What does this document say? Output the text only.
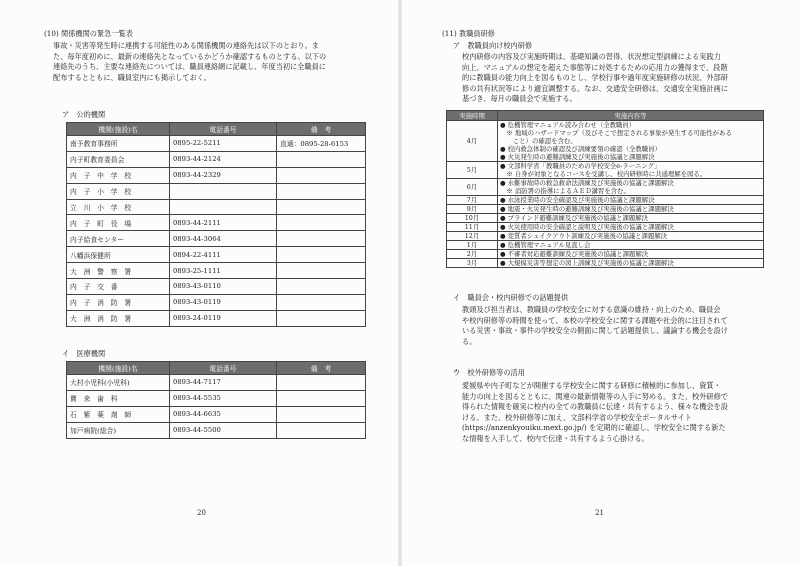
(10) 関係機関の緊急一覧表
事故・災害等発生時に連携する可能性のある関係機関の連絡先は以下のとおり。ま
た、毎年度初めに、最新の連絡先となっているかどうか確認するものとする。以下の
連絡先のうち、主要な連絡先については、職員連絡網に記載し、年度当初に全職員に
配布するとともに、職員室内にも掲示しておく。
ア　公的機関
機関(施設)名	電話番号	備　考
南予教育事務所	0895-22-5211	直通：0895-28-6153
内子町教育委員会	0893-44-2124	
内　子　中　学　校	0893-44-2329	
内　子　小　学　校		
立　川　小　学　校		
内　子　町　役　場	0893-44-2111	
内子給食センター	0893-44-3064	
八幡浜保健所	0894-22-4111	
大　洲　警　察　署	0893-25-1111	
内　子　交　番	0893-43-0110	
内　子　消　防　署	0893-43-0119	
大　洲　消　防　署	0893-24-0119	
イ　医療機関
機関(施設)名	電話番号	備　考
大村小児科(小児科)	0893-44-7117	
寶　来　歯　科	0893-44-5535	
石　紫　薬　剤　師	0893-44-6635	
加戸病院(総合)	0893-44-5500	
20
(11) 教職員研修
ア　教職員向け校内研修
校内研修の内容及び実施時期は、基礎知識の習得、状況想定型訓練による実践力
向上、マニュアルの想定を超えた事態等に対処するための応用力の獲得まで、段階
的に教職員の能力向上を図るものとし、学校行事や過年度実施研修の状況、外部研
修の共有状況等により適宜調整する。なお、交通安全研修は、交通安全実施計画に
基づき、毎月の職員会で実施する。
実施時期	実施内容等
4月	● 危機管理マニュアル読み合わせ（全教職員）
　※ 地域のハザードマップ（及びそこで想定される事象が発生する可能性がある
　　こと）の確認を含む。
● 校内救急体制の確認及び訓練要領の確認（全教職員）
● 火災発生時の避難訓練及び実施後の協議と課題解決

5月	● 文部科学省「教職員のための学校安全e-ラーニング」
　※ 自身が対象となるコースを受講し、校内研修時に共通理解を図る。

6月	● 水難事故時の救急救命法訓練及び実施後の協議と課題解決
　※ 消防署の指導によるＡＥＤ講習を含む。

7月	● 水泳授業時の安全確認及び実施後の協議と課題解決

9月	● 地震・火災発生時の避難訓練及び実施後の協議と課題解決

10月	● ブラインド避難訓練及び実施後の協議と課題解決

11月	● 火災使用時の安全確認と説明及び実施後の協議と課題解決

12月	● 変質者シェイクアウト訓練及び実施後の協議と課題解決

1月	● 危機管理マニュアル見直し会

2月	● 不審者対応避難訓練及び実施後の協議と課題解決

3月	● 大規模災害等想定の図上訓練及び実施後の協議と課題解決
イ　職員会・校内研修での話題提供
教頭及び担当者は、教職員の学校安全に対する意識の維持・向上のため、職員会
や校内研修等の時間を使って、本校の学校安全に関する課題や社会的に注目されて
いる災害・事故・事件の学校安全の側面に関して話題提供し、議論する機会を設け
る。
ウ　校外研修等の活用
愛媛県や内子町などが開催する学校安全に関する研修に積極的に参加し、資質・
能力の向上を図るとともに、関連の最新情報等の入手に努める。また、校外研修で
得られた情報を確実に校内の全ての教職員に伝達・共有するよう、様々な機会を設
ける。また、校外研修等に加え、文部科学省の学校安全ポータルサイト
(https://anzenkyouiku.mext.go.jp/) を定期的に確認し、学校安全に関する新た
な情報を入手して、校内で伝達・共有するよう心掛ける。
21
